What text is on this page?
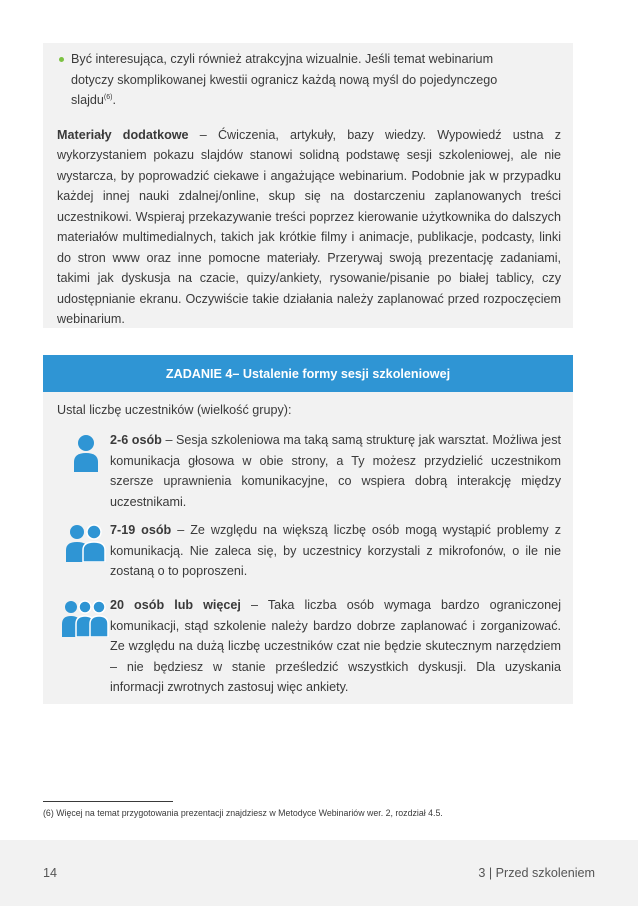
Być interesująca, czyli również atrakcyjna wizualnie. Jeśli temat webinarium dotyczy skomplikowanej kwestii ogranicz każdą nową myśl do pojedynczego slajdu$^{(6)}$.

Materiały dodatkowe – Ćwiczenia, artykuły, bazy wiedzy. Wypowiedź ustna z wykorzystaniem pokazu slajdów stanowi solidną podstawę sesji szkoleniowej, ale nie wystarcza, by poprowadzić ciekawe i angażujące webinarium. Podobnie jak w przypadku każdej innej nauki zdalnej/online, skup się na dostarczeniu zaplanowanych treści uczestnikowi. Wspieraj przekazywanie treści poprzez kierowanie użytkownika do dalszych materiałów multimedialnych, takich jak krótkie filmy i animacje, publikacje, podcasty, linki do stron www oraz inne pomocne materiały. Przerywaj swoją prezentację zadaniami, takimi jak dyskusja na czacie, quizy/ankiety, rysowanie/pisanie po białej tablicy, czy udostępnianie ekranu. Oczywiście takie działania należy zaplanować przed rozpoczęciem webinarium.

ZADANIE 4 – Ustalenie formy sesji szkoleniowej
Ustal liczbę uczestników (wielkość grupy):
2-6 osób – Sesja szkoleniowa ma taką samą strukturę jak warsztat. Możliwa jest komunikacja głosowa w obie strony, a Ty możesz przydzielić uczestnikom szersze uprawnienia komunikacyjne, co wspiera dobrą interakcję między uczestnikami.
7-19 osób – Ze względu na większą liczbę osób mogą wystąpić problemy z komunikacją. Nie zaleca się, by uczestnicy korzystali z mikrofonów, o ile nie zostaną o to poproszeni.
20 osób lub więcej – Taka liczba osób wymaga bardzo ograniczonej komunikacji, stąd szkolenie należy bardzo dobrze zaplanować i zorganizować. Ze względu na dużą liczbę uczestników czat nie będzie skutecznym narzędziem – nie będziesz w stanie prześledzić wszystkich dyskusji. Dla uzyskania informacji zwrotnych zastosuj więc ankiety.
(6) Więcej na temat przygotowania prezentacji znajdziesz w Metodyce Webinariów wer. 2, rozdział 4.5.
14	3 | Przed szkoleniem
